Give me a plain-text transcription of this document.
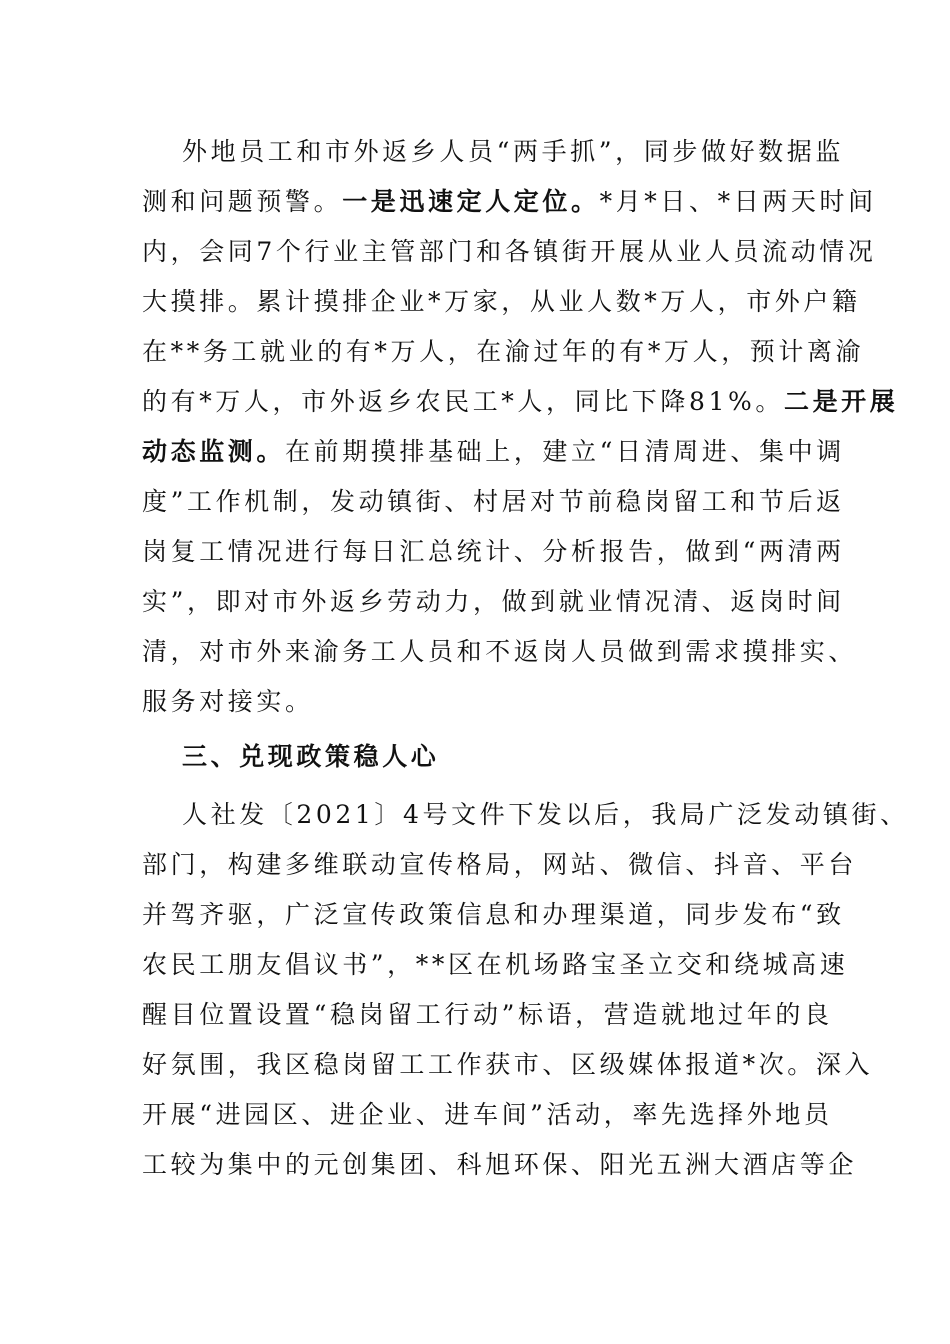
外地员工和市外返乡人员“两手抓”，同步做好数据监
测和问题预警。一是迅速定人定位。*月*日、*日两天时间
内，会同7个行业主管部门和各镇街开展从业人员流动情况
大摸排。累计摸排企业*万家，从业人数*万人，市外户籍
在**务工就业的有*万人，在渝过年的有*万人，预计离渝
的有*万人，市外返乡农民工*人，同比下降81%。二是开展
动态监测。在前期摸排基础上，建立“日清周进、集中调
度”工作机制，发动镇街、村居对节前稳岗留工和节后返
岗复工情况进行每日汇总统计、分析报告，做到“两清两
实”，即对市外返乡劳动力，做到就业情况清、返岗时间
清，对市外来渝务工人员和不返岗人员做到需求摸排实、
服务对接实。
三、兑现政策稳人心
人社发〔2021〕4号文件下发以后，我局广泛发动镇街、
部门，构建多维联动宣传格局，网站、微信、抖音、平台
并驾齐驱，广泛宣传政策信息和办理渠道，同步发布“致
农民工朋友倡议书”，**区在机场路宝圣立交和绕城高速
醒目位置设置“稳岗留工行动”标语，营造就地过年的良
好氛围，我区稳岗留工工作获市、区级媒体报道*次。深入
开展“进园区、进企业、进车间”活动，率先选择外地员
工较为集中的元创集团、科旭环保、阳光五洲大酒店等企
